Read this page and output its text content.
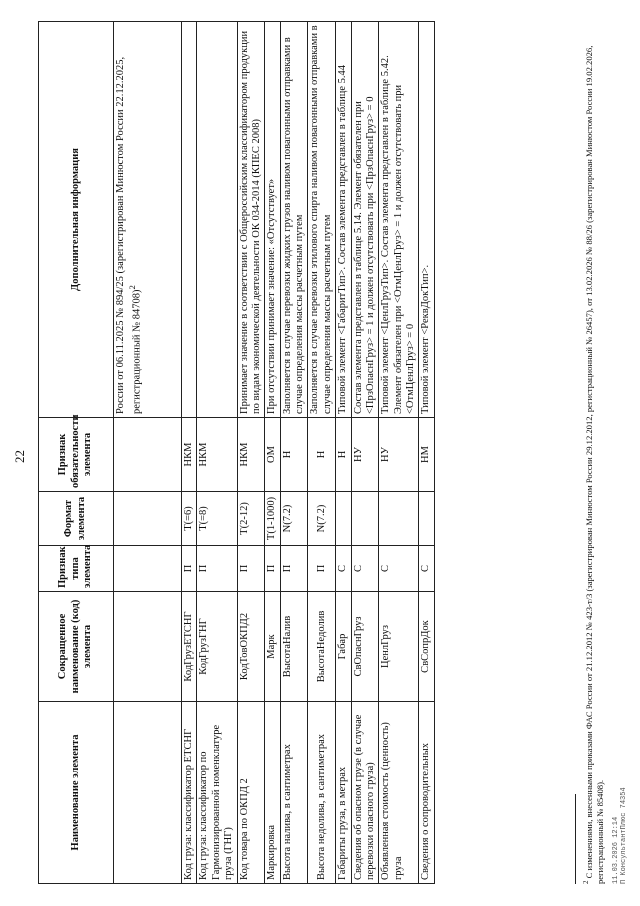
22
Наименование элемента	Сокращенное наименование (код) элемента	Признак типа элемента	Формат элемента	Признак обязательности элемента	Дополнительная информация
					России от 06.11.2025 № 894/25 (зарегистрирован Минюстом России 22.12.2025, регистрационный № 84708)$^2$
Код груза: классификатор ЕТСНГ	КодГрузЕТСНГ	П	T(=6)	НКМ	
Код груза: классификатор по Гармонизированной номенклатуре груза (ГНГ)	КодГрузГНГ	П	T(=8)	НКМ	
Код товара по ОКПД 2	КодТовОКПД2	П	T(2-12)	НКМ	Принимает значение в соответствии с Общероссийским классификатором продукции по видам экономической деятельности ОК 034-2014 (КПЕС 2008)
Маркировка	Марк	П	T(1-1000)	ОМ	При отсутствии принимает значение: «Отсутствует»
Высота налива, в сантиметрах	ВысотаНалив	П	N(7.2)	Н	Заполняется в случае перевозки жидких грузов наливом повагонными отправками в случае определения массы расчетным путем
Высота недолива, в сантиметрах	ВысотаНедолив	П	N(7.2)	Н	Заполняется в случае перевозки этилового спирта наливом повагонными отправками в случае определения массы расчетным путем
Габариты груза, в метрах	Габар	С		Н	Типовой элемент <ГабаритТип>. Состав элемента представлен в таблице 5.44
Сведения об опасном грузе (в случае перевозки опасного груза)	СвОпаснГруз	С		НУ	Состав элемента представлен в таблице 5.14. Элемент обязателен при <ПрзОпаснГруз> = 1 и должен отсутствовать при <ПрзОпаснГруз> = 0
Объявленная стоимость (ценность) груза	ЦенлГруз	С		НУ	Типовой элемент <ЦенлГрузТип>. Состав элемента представлен в таблице 5.42. Элемент обязателен при <ОтмЦенлГруз> = 1 и должен отсутствовать при <ОтмЦенлГруз> = 0
Сведения о сопроводительных	СвСопрДок	С		НМ	Типовой элемент <РеквДокТип>.
$^2$ С изменениями, внесенными приказами ФАС России от 21.12.2012 № 423-т/3 (зарегистрирован Минюстом России 29.12.2012, регистрационный № 26457), от 13.02.2026 № 88/26 (зарегистрирован Минюстом России 19.02.2026, регистрационный № 85408). 11.03.2026 12:14 П КонсультантПлюс 74354
